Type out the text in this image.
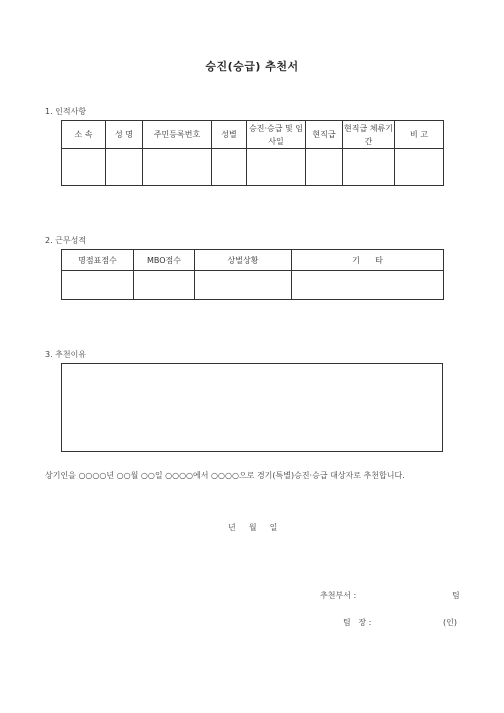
승진(승급) 추천서
1. 인적사항
소 속	성 명	주민등록번호	성별	승진·승급 및 임사일	현직급	현직급 체류기간	비 고

2. 근무성적
명점표점수	MBO점수	상벌상황	기      타

3. 추천이유
상기인을 ○○○○년 ○○월 ○○일 ○○○○에서 ○○○○으로 경기(특별)승진·승급 대상자로 추천합니다.
년  월  일
추천부서 :	팀
팀   장 :	(인)
